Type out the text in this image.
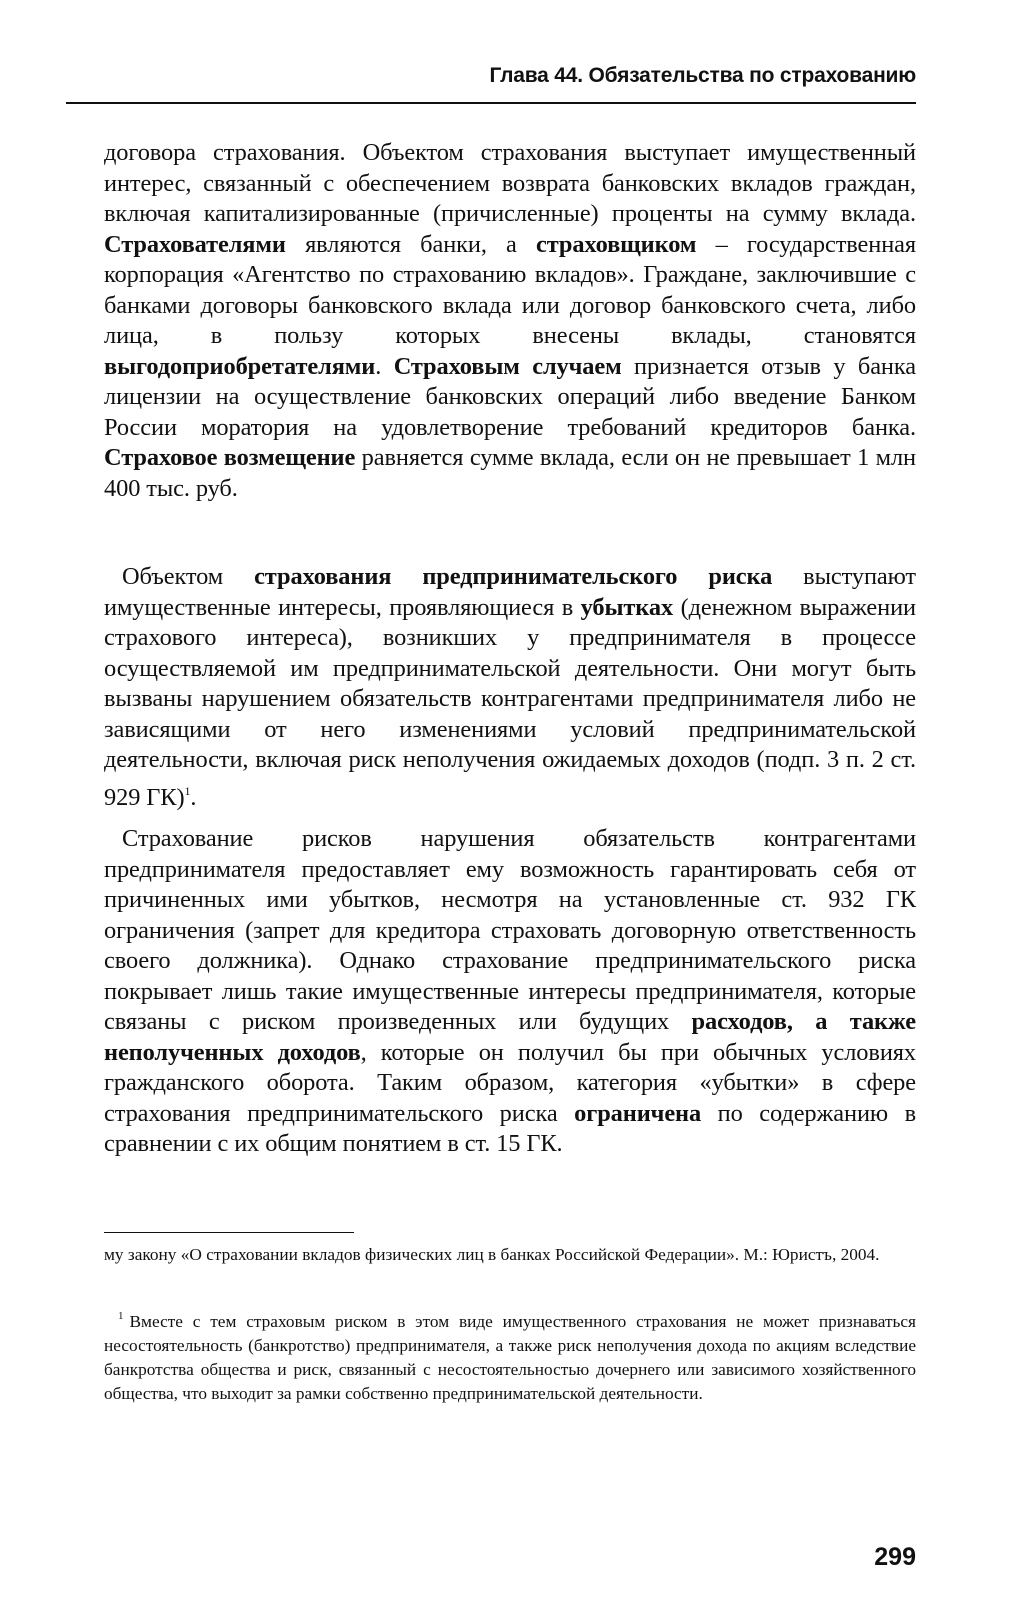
Глава 44. Обязательства по страхованию

договора страхования. Объектом страхования выступает имущественный интерес, связанный с обеспечением возврата банковских вкладов граждан, включая капитализированные (причисленные) проценты на сумму вклада. Страхователями являются банки, а страховщиком – государственная корпорация «Агентство по страхованию вкладов». Граждане, заключившие с банками договоры банковского вклада или договор банковского счета, либо лица, в пользу которых внесены вклады, становятся выгодоприобретателями. Страховым случаем признается отзыв у банка лицензии на осуществление банковских операций либо введение Банком России моратория на удовлетворение требований кредиторов банка. Страховое возмещение равняется сумме вклада, если он не превышает 1 млн 400 тыс. руб.

Объектом страхования предпринимательского риска выступают имущественные интересы, проявляющиеся в убытках (денежном выражении страхового интереса), возникших у предпринимателя в процессе осуществляемой им предпринимательской деятельности. Они могут быть вызваны нарушением обязательств контрагентами предпринимателя либо не зависящими от него изменениями условий предпринимательской деятельности, включая риск неполучения ожидаемых доходов (подп. 3 п. 2 ст. 929 ГК)$^1$.

Страхование рисков нарушения обязательств контрагентами предпринимателя предоставляет ему возможность гарантировать себя от причиненных ими убытков, несмотря на установленные ст. 932 ГК ограничения (запрет для кредитора страховать договорную ответственность своего должника). Однако страхование предпринимательского риска покрывает лишь такие имущественные интересы предпринимателя, которые связаны с риском произведенных или будущих расходов, а также неполученных доходов, которые он получил бы при обычных условиях гражданского оборота. Таким образом, категория «убытки» в сфере страхования предпринимательского риска ограничена по содержанию в сравнении с их общим понятием в ст. 15 ГК.

му закону «О страховании вкладов физических лиц в банках Российской Федерации». М.: Юристъ, 2004.

$^1$ Вместе с тем страховым риском в этом виде имущественного страхования не может признаваться несостоятельность (банкротство) предпринимателя, а также риск неполучения дохода по акциям вследствие банкротства общества и риск, связанный с несостоятельностью дочернего или зависимого хозяйственного общества, что выходит за рамки собственно предпринимательской деятельности.

299
